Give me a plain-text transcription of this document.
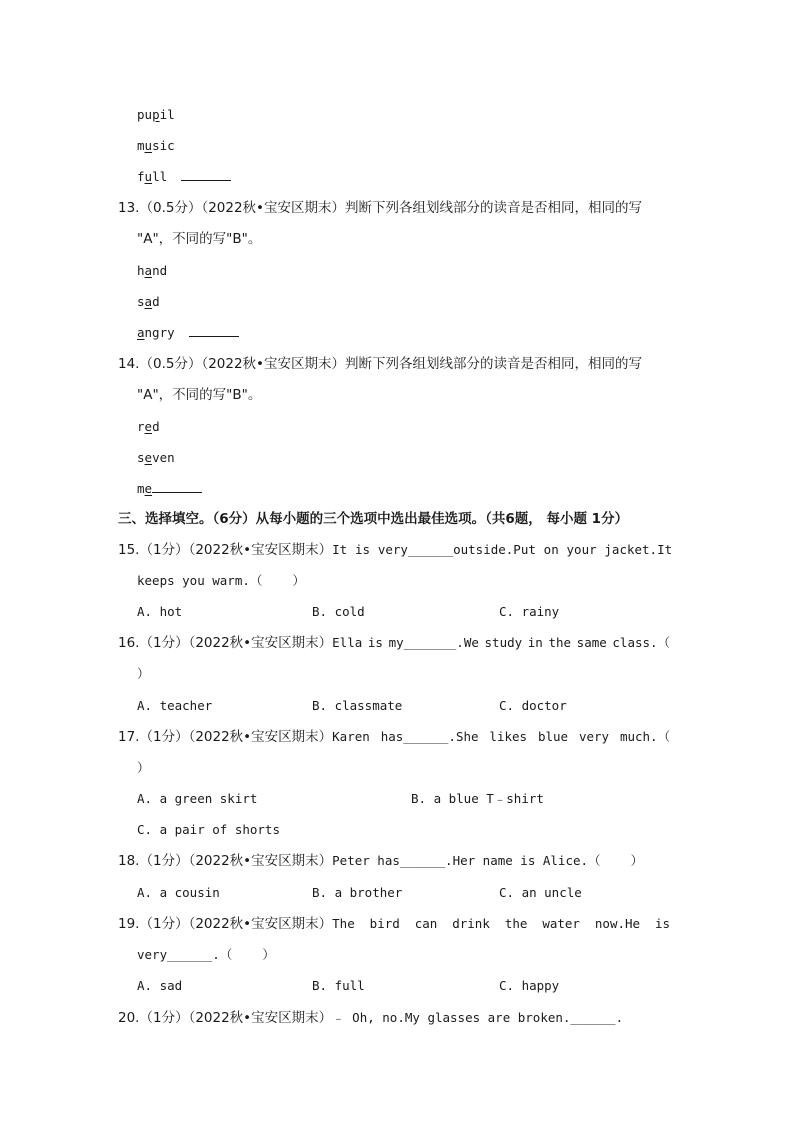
pupil
music
full
13.（0.5分）（2022秋•宝安区期末）判断下列各组划线部分的读音是否相同，相同的写
"A"，不同的写"B"。
hand
sad
angry
14.（0.5分）（2022秋•宝安区期末）判断下列各组划线部分的读音是否相同，相同的写
"A"，不同的写"B"。
red
seven
me
三、选择填空。（6分）从每小题的三个选项中选出最佳选项。（共6题， 每小题 1分）
15. （1分）（2022秋•宝安区期末） It is very______outside.Put on your jacket.It
keeps you warm.（    ）
A. hot	B. cold	C. rainy
16. （1分）（2022秋•宝安区期末） Ella is my_______.We study in the same class.（
）
A. teacher	B. classmate	C. doctor
17. （1分）（2022秋•宝安区期末） Karen has______.She likes blue very much.（
）
A. a green skirt	B. a blue T﹣shirt
C. a pair of shorts
18.（1分）（2022秋•宝安区期末）Peter has______.Her name is Alice.（    ）
A. a cousin	B. a brother	C. an uncle
19. （1分）（2022秋•宝安区期末） The bird can drink the water now.He is
very______.（    ）
A. sad	B. full	C. happy
20.（1分）（2022秋•宝安区期末）﹣ Oh, no.My glasses are broken.______.
